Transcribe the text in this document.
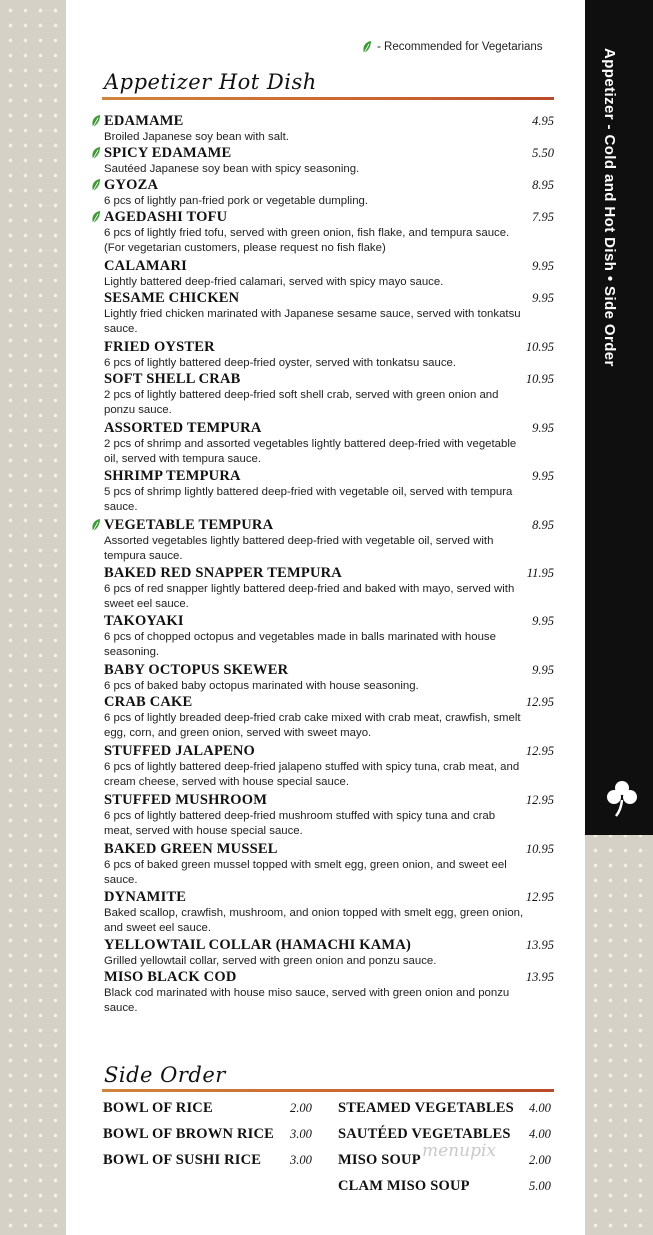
Appetizer - Cold and Hot Dish • Side Order
- Recommended for Vegetarians
Appetizer Hot Dish
EDAMAME	4.95
Broiled Japanese soy bean with salt.
SPICY EDAMAME	5.50
Sautéed Japanese soy bean with spicy seasoning.
GYOZA	8.95
6 pcs of lightly pan-fried pork or vegetable dumpling.
AGEDASHI TOFU	7.95
6 pcs of lightly fried tofu, served with green onion, fish flake, and tempura sauce. (For vegetarian customers, please request no fish flake)
CALAMARI	9.95
Lightly battered deep-fried calamari, served with spicy mayo sauce.
SESAME CHICKEN	9.95
Lightly fried chicken marinated with Japanese sesame sauce, served with tonkatsu sauce.
FRIED OYSTER	10.95
6 pcs of lightly battered deep-fried oyster, served with tonkatsu sauce.
SOFT SHELL CRAB	10.95
2 pcs of lightly battered deep-fried soft shell crab, served with green onion and ponzu sauce.
ASSORTED TEMPURA	9.95
2 pcs of shrimp and assorted vegetables lightly battered deep-fried with vegetable oil, served with tempura sauce.
SHRIMP TEMPURA	9.95
5 pcs of shrimp lightly battered deep-fried with vegetable oil, served with tempura sauce.
VEGETABLE TEMPURA	8.95
Assorted vegetables lightly battered deep-fried with vegetable oil, served with tempura sauce.
BAKED RED SNAPPER TEMPURA	11.95
6 pcs of red snapper lightly battered deep-fried and baked with mayo, served with sweet eel sauce.
TAKOYAKI	9.95
6 pcs of chopped octopus and vegetables made in balls marinated with house seasoning.
BABY OCTOPUS SKEWER	9.95
6 pcs of baked baby octopus marinated with house seasoning.
CRAB CAKE	12.95
6 pcs of lightly breaded deep-fried crab cake mixed with crab meat, crawfish, smelt egg, corn, and green onion, served with sweet mayo.
STUFFED JALAPENO	12.95
6 pcs of lightly battered deep-fried jalapeno stuffed with spicy tuna, crab meat, and cream cheese, served with house special sauce.
STUFFED MUSHROOM	12.95
6 pcs of lightly battered deep-fried mushroom stuffed with spicy tuna and crab meat, served with house special sauce.
BAKED GREEN MUSSEL	10.95
6 pcs of baked green mussel topped with smelt egg, green onion, and sweet eel sauce.
DYNAMITE	12.95
Baked scallop, crawfish, mushroom, and onion topped with smelt egg, green onion, and sweet eel sauce.
YELLOWTAIL COLLAR (HAMACHI KAMA)	13.95
Grilled yellowtail collar, served with green onion and ponzu sauce.
MISO BLACK COD	13.95
Black cod marinated with house miso sauce, served with green onion and ponzu sauce.
Side Order
BOWL OF RICE	2.00
BOWL OF BROWN RICE 3.00
BOWL OF SUSHI RICE 3.00
STEAMED VEGETABLES 4.00
SAUTÉED VEGETABLES 4.00
MISO SOUP	2.00
CLAM MISO SOUP	5.00
menupix
